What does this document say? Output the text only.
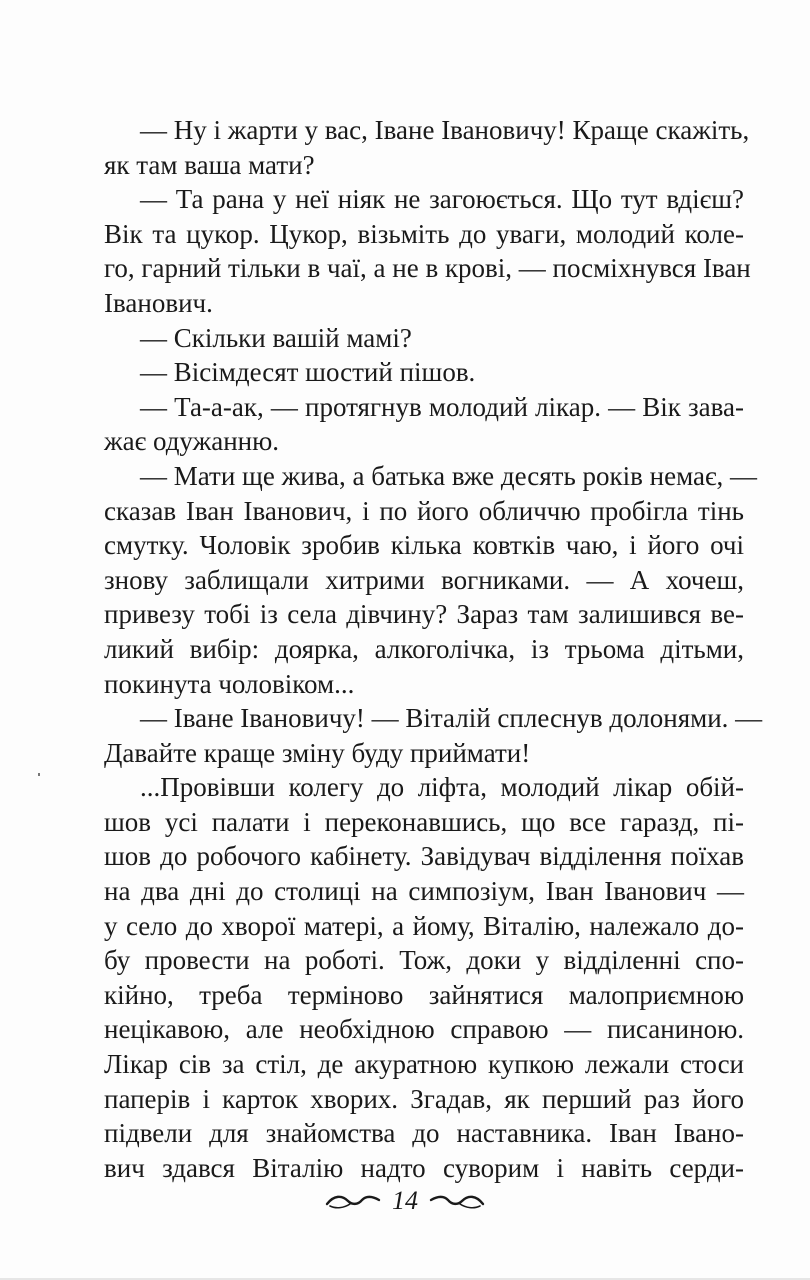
— Ну і жарти у вас, Іване Івановичу! Краще скажіть,
як там ваша мати?
— Та рана у неї ніяк не загоюється. Що тут вдієш?
Вік та цукор. Цукор, візьміть до уваги, молодий коле-
го, гарний тільки в чаї, а не в крові, — посміхнувся Іван
Іванович.
— Скільки вашій мамі?
— Вісімдесят шостий пішов.
— Та-а-ак, — протягнув молодий лікар. — Вік зава-
жає одужанню.
— Мати ще жива, а батька вже десять років немає, —
сказав Іван Іванович, і по його обличчю пробігла тінь
смутку. Чоловік зробив кілька ковтків чаю, і його очі
знову заблищали хитрими вогниками. — А хочеш,
привезу тобі із села дівчину? Зараз там залишився ве-
ликий вибір: доярка, алкоголічка, із трьома дітьми,
покинута чоловіком...
— Іване Івановичу! — Віталій сплеснув долонями. —
Давайте краще зміну буду приймати!
...Провівши колегу до ліфта, молодий лікар обій-
шов усі палати і переконавшись, що все гаразд, пі-
шов до робочого кабінету. Завідувач відділення поїхав
на два дні до столиці на симпозіум, Іван Іванович —
у село до хворої матері, а йому, Віталію, належало до-
бу провести на роботі. Тож, доки у відділенні спо-
кійно, треба терміново зайнятися малоприємною
нецікавою, але необхідною справою — писаниною.
Лікар сів за стіл, де акуратною купкою лежали стоси
паперів і карток хворих. Згадав, як перший раз його
підвели для знайомства до наставника. Іван Івано-
вич здався Віталію надто суворим і навіть серди-
14
